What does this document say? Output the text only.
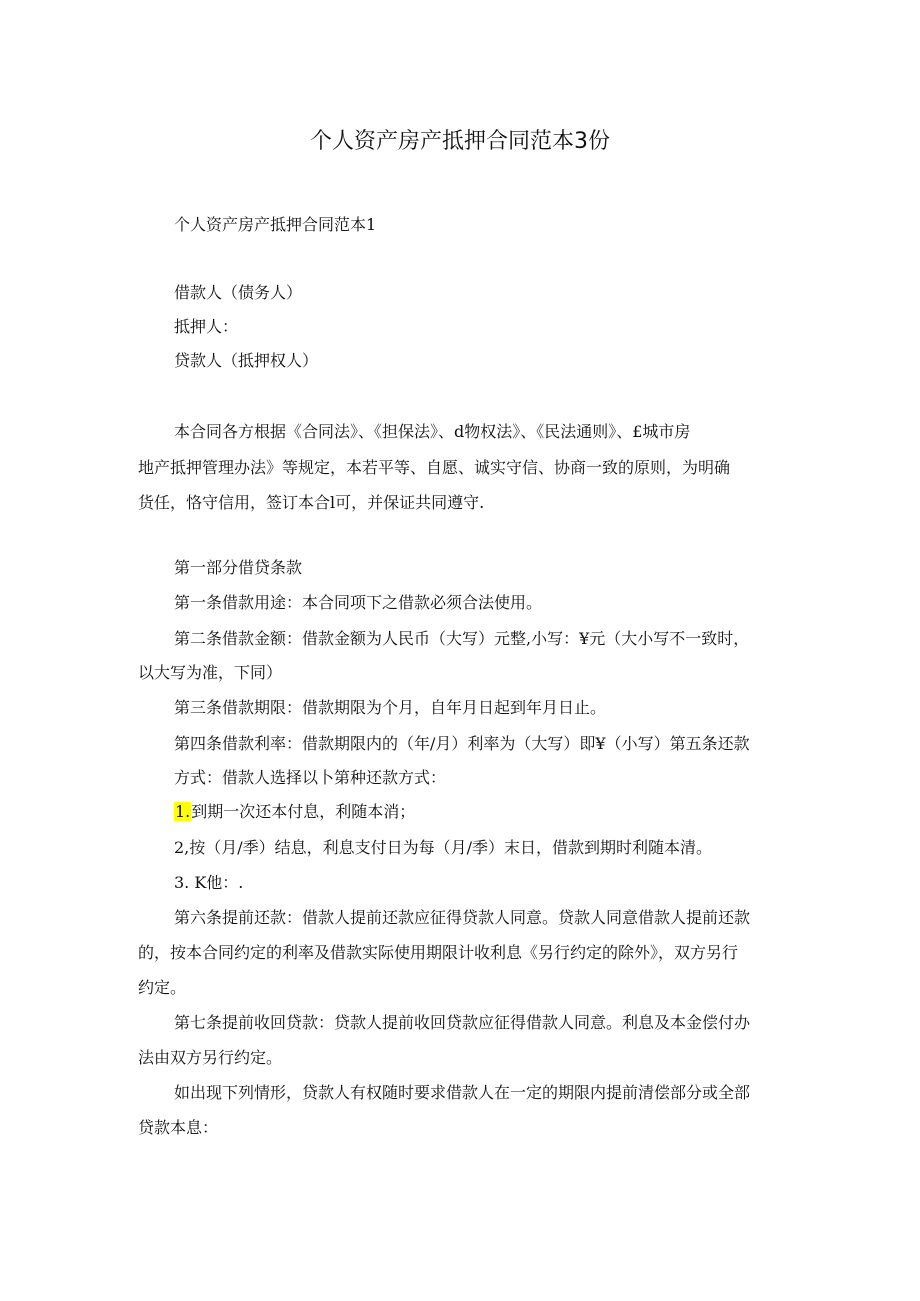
个人资产房产抵押合同范本3份
个人资产房产抵押合同范本1
借款人（债务人）
抵押人：
贷款人（抵押权人）
本合同各方根据《合同法》、《担保法》、d物权法》、《民法通则》、£城市房
地产抵押管理办法》等规定，本若平等、自愿、诚实守信、协商一致的原则，为明确
货任，恪守信用，签订本合l可，并保证共同遵守.
第一部分借贷条款
第一条借款用途：本合同项下之借款必须合法使用。
第二条借款金额：借款金额为人民币（大写）元整,小写：¥元（大小写不一致时，
以大写为准，下同）
第三条借款期限：借款期限为个月，自年月日起到年月日止。
第四条借款利率：借款期限内的（年/月）利率为（大写）即¥（小写）第五条还款
方式：借款人选择以卜第种还款方式：
1.到期一次还本付息，利随本消；
2,按（月/季）结息，利息支付日为每（月/季）末日，借款到期时利随本清。
3. K他：.
第六条提前还款：借款人提前还款应征得贷款人同意。贷款人同意借款人提前还款
的，按本合同约定的利率及借款实际使用期限计收利息《另行约定的除外》，双方另行
约定。
第七条提前收回贷款：贷款人提前收回贷款应征得借款人同意。利息及本金偿付办
法由双方另行约定。
如出现下列情形，贷款人有权随时要求借款人在一定的期限内提前清偿部分或全部
贷款本息：
